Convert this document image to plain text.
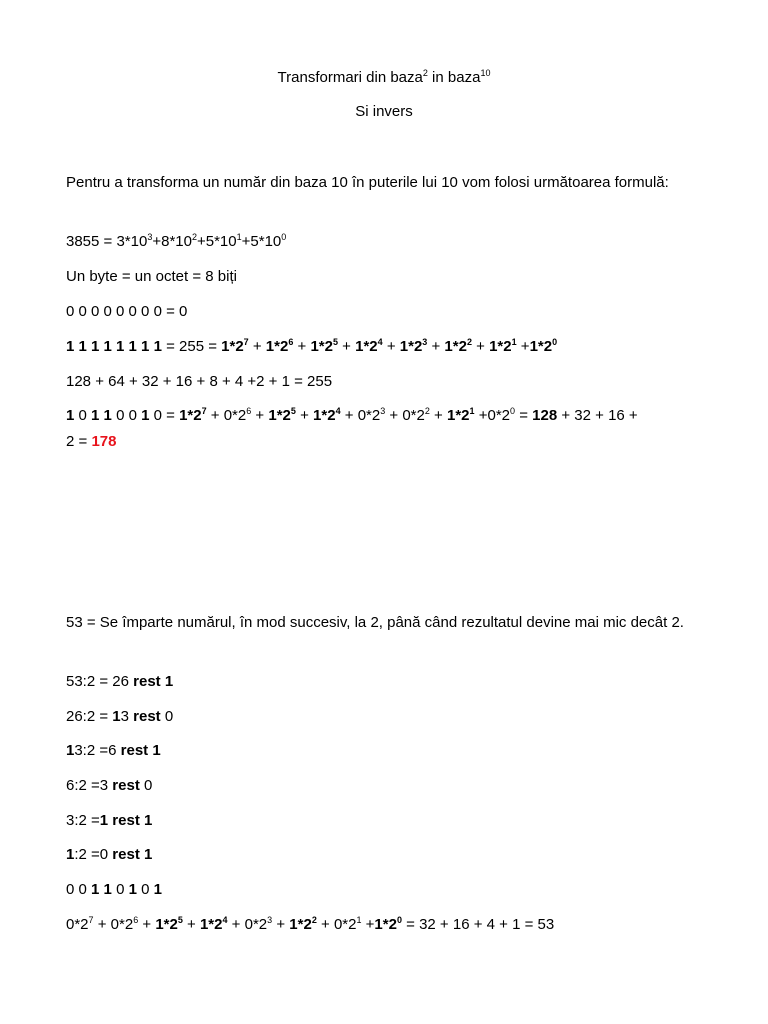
Transformari din baza$^2$ in baza$^{10}$
Si invers
Pentru a transforma un număr din baza 10 în puterile lui 10 vom folosi următoarea formulă:
$3855 = 3*10^3+8*10^2+5*10^1+5*10^0$
Un byte = un octet = 8 biți
0 0 0 0 0 0 0 0 = 0
1 1 1 1 1 1 1 $1 = 255 = 1*2^7 + 1*2^6 + 1*2^5 + 1*2^4 + 1*2^3 + 1*2^2 + 1*2^1 +1*2^0$
128 + 64 + 32 + 16 + 8 + 4 +2 + 1 = 255
1 0 1 1 0 0 1 $0 = 1*2^7 + 0*2^6 + 1*2^5 + 1*2^4 + 0*2^3 + 0*2^2 + 1*2^1 +0*2^0 = 128 + 32 + 16$ +
2 = 178
53 = Se împarte numărul, în mod succesiv, la 2, până când rezultatul devine mai mic decât 2.
53:2 = 26 rest 1
26:2 = 13 rest 0
13:2 =6 rest 1
6:2 =3 rest 0
3:2 =1 rest 1
1:2 =0 rest 1
0 0 1 1 0 1 0 1
$0*2^7 + 0*2^6 + 1*2^5 + 1*2^4 + 0*2^3 + 1*2^2 + 0*2^1 +1*2^0 = 32 + 16 + 4 + 1 = 53$
